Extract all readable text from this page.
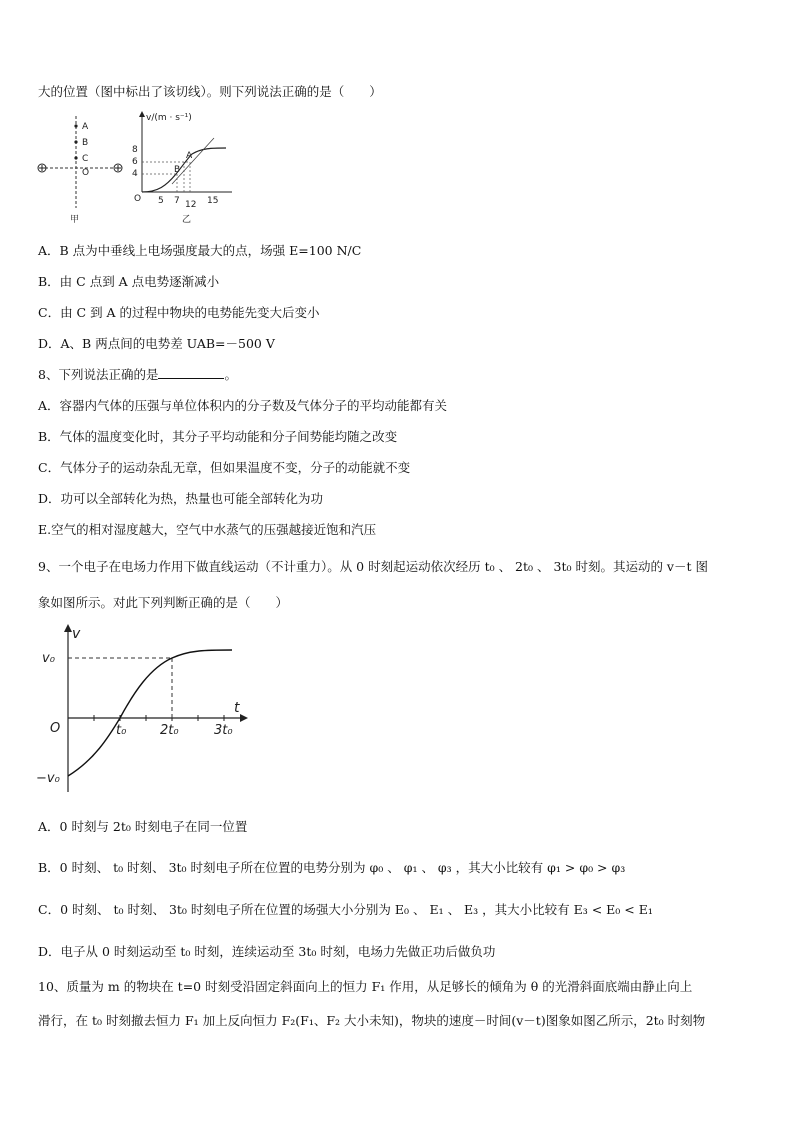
大的位置（图中标出了该切线）。则下列说法正确的是（　　）
A
B
C
O
甲
v/(m · s⁻¹)
8
6
4
O 5 7 12 15
A
B
乙
A．B 点为中垂线上电场强度最大的点，场强 E=100 N/C
B．由 C 点到 A 点电势逐渐减小
C．由 C 到 A 的过程中物块的电势能先变大后变小
D．A、B 两点间的电势差 UAB=－500 V
8、下列说法正确的是	。
A．容器内气体的压强与单位体积内的分子数及气体分子的平均动能都有关
B．气体的温度变化时，其分子平均动能和分子间势能均随之改变
C．气体分子的运动杂乱无章，但如果温度不变，分子的动能就不变
D．功可以全部转化为热，热量也可能全部转化为功
E.空气的相对湿度越大，空气中水蒸气的压强越接近饱和汽压
9、一个电子在电场力作用下做直线运动（不计重力）。从 0 时刻起运动依次经历 t₀ 、 2t₀ 、 3t₀ 时刻。其运动的 v－t 图
象如图所示。对此下列判断正确的是（　　）
v
t
O
v₀
−v₀
t₀	2t₀	3t₀
A．0 时刻与 2t₀ 时刻电子在同一位置
B．0 时刻、 t₀ 时刻、 3t₀ 时刻电子所在位置的电势分别为 φ₀ 、 φ₁ 、 φ₃ ，其大小比较有 φ₁ > φ₀ > φ₃
C．0 时刻、 t₀ 时刻、 3t₀ 时刻电子所在位置的场强大小分别为 E₀ 、 E₁ 、 E₃ ，其大小比较有 E₃ < E₀ < E₁
D．电子从 0 时刻运动至 t₀ 时刻，连续运动至 3t₀ 时刻，电场力先做正功后做负功
10、质量为 m 的物块在 t=0 时刻受沿固定斜面向上的恒力 F₁ 作用，从足够长的倾角为 θ 的光滑斜面底端由静止向上
滑行，在 t₀ 时刻撤去恒力 F₁ 加上反向恒力 F₂(F₁、F₂ 大小未知)，物块的速度－时间(v－t)图象如图乙所示，2t₀ 时刻物
